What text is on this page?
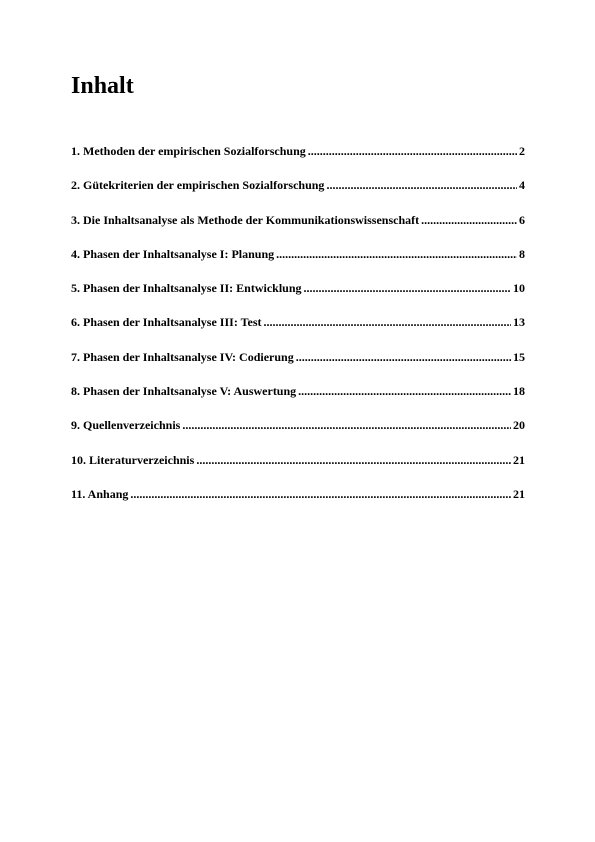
Inhalt
1. Methoden der empirischen Sozialforschung .....	2
2. Gütekriterien der empirischen Sozialforschung .....	4
3. Die Inhaltsanalyse als Methode der Kommunikationswissenschaft .....	6
4. Phasen der Inhaltsanalyse I: Planung .....	8
5. Phasen der Inhaltsanalyse II: Entwicklung .....	10
6. Phasen der Inhaltsanalyse III: Test .....	13
7. Phasen der Inhaltsanalyse IV: Codierung .....	15
8. Phasen der Inhaltsanalyse V: Auswertung .....	18
9. Quellenverzeichnis .....	20
10. Literaturverzeichnis .....	21
11. Anhang .....	21
